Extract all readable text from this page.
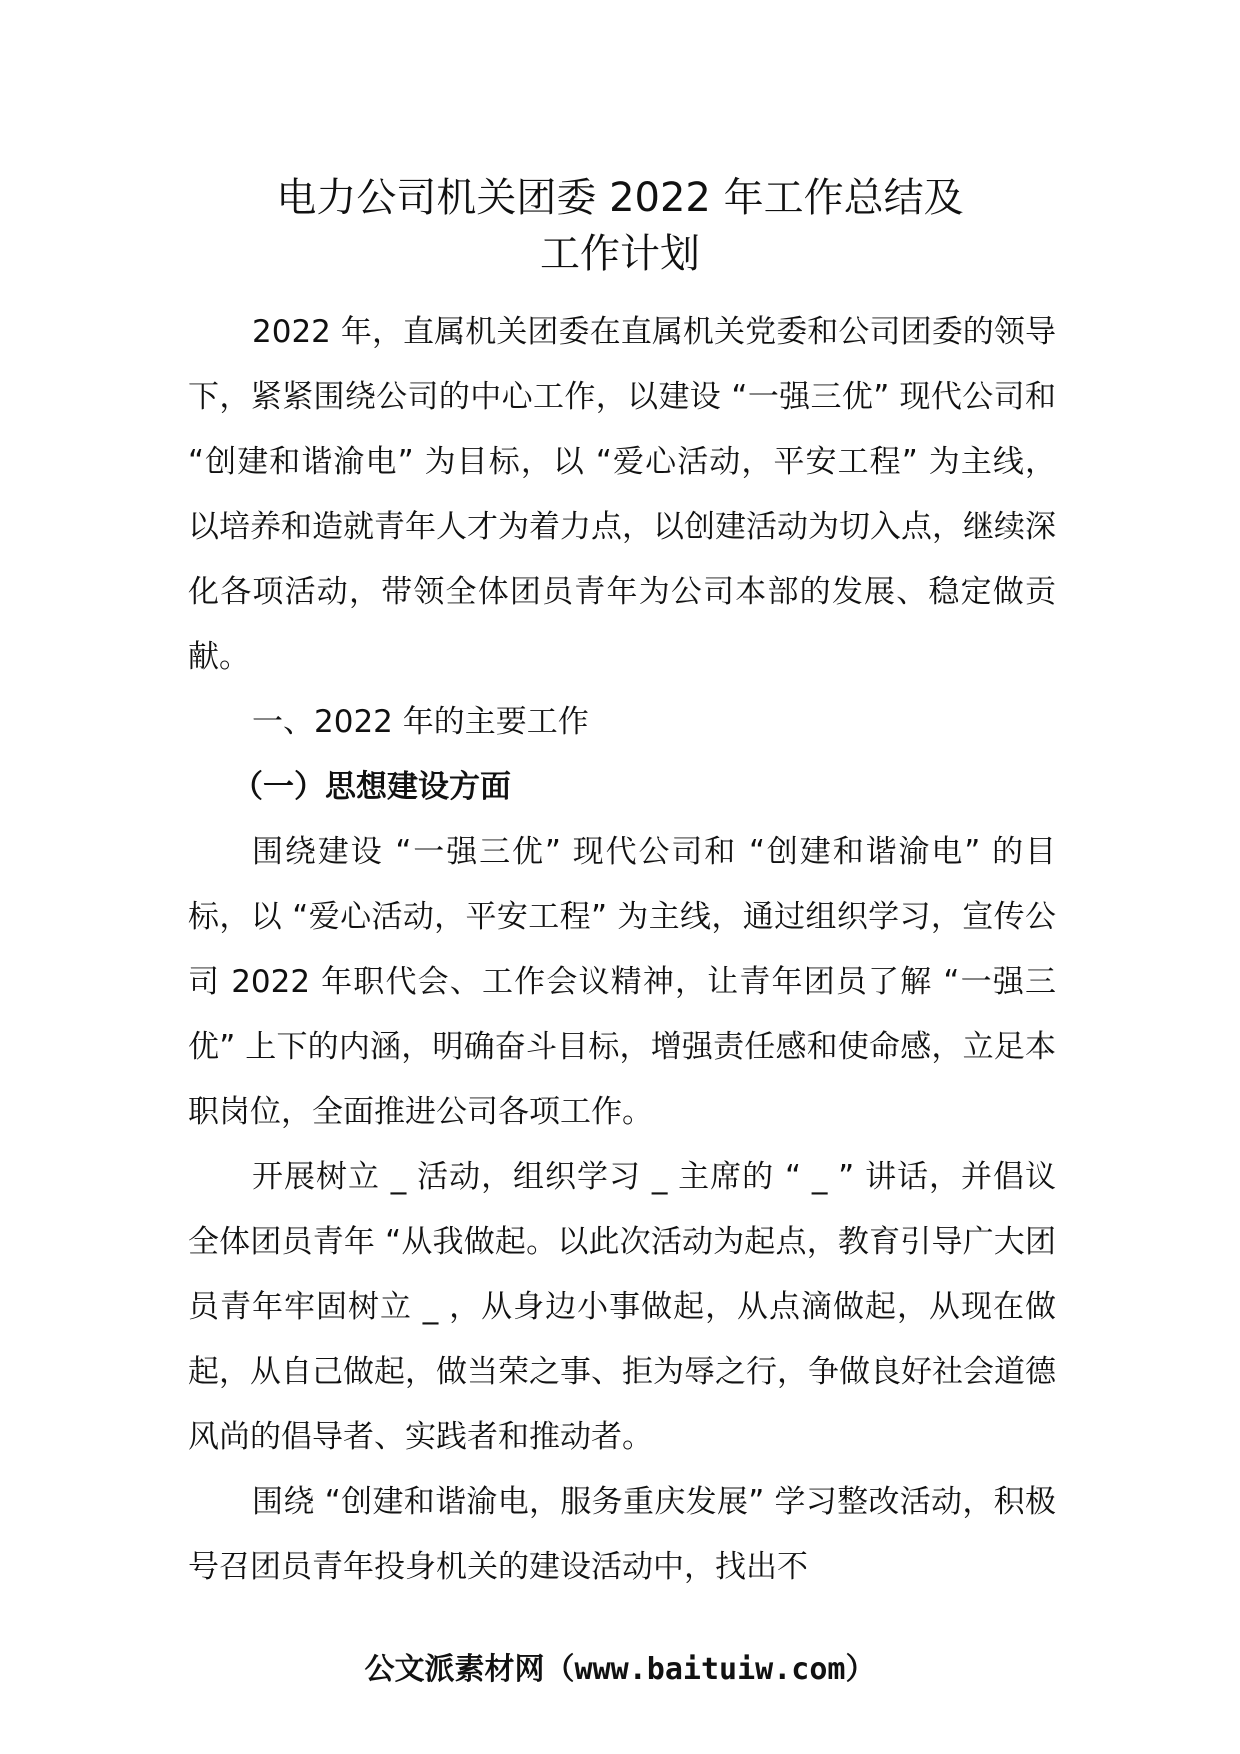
电力公司机关团委 2022 年工作总结及
工作计划

2022 年，直属机关团委在直属机关党委和公司团委的领导下，紧紧围绕公司的中心工作，以建设 “一强三优” 现代公司和 “创建和谐渝电” 为目标，以 “爱心活动，平安工程” 为主线，以培养和造就青年人才为着力点，以创建活动为切入点，继续深化各项活动，带领全体团员青年为公司本部的发展、稳定做贡献。

一、2022 年的主要工作

（一）思想建设方面

围绕建设 “一强三优” 现代公司和 “创建和谐渝电” 的目标，以 “爱心活动，平安工程” 为主线，通过组织学习，宣传公司 2022 年职代会、工作会议精神，让青年团员了解 “一强三优” 上下的内涵，明确奋斗目标，增强责任感和使命感，立足本职岗位，全面推进公司各项工作。

开展树立 _ 活动，组织学习 _ 主席的 “ _ ” 讲话，并倡议全体团员青年 “从我做起。以此次活动为起点，教育引导广大团员青年牢固树立 _ ，从身边小事做起，从点滴做起，从现在做起，从自己做起，做当荣之事、拒为辱之行，争做良好社会道德风尚的倡导者、实践者和推动者。

围绕 “创建和谐渝电，服务重庆发展” 学习整改活动，积极号召团员青年投身机关的建设活动中，找出不

公文派素材网（www.baituiw.com）
